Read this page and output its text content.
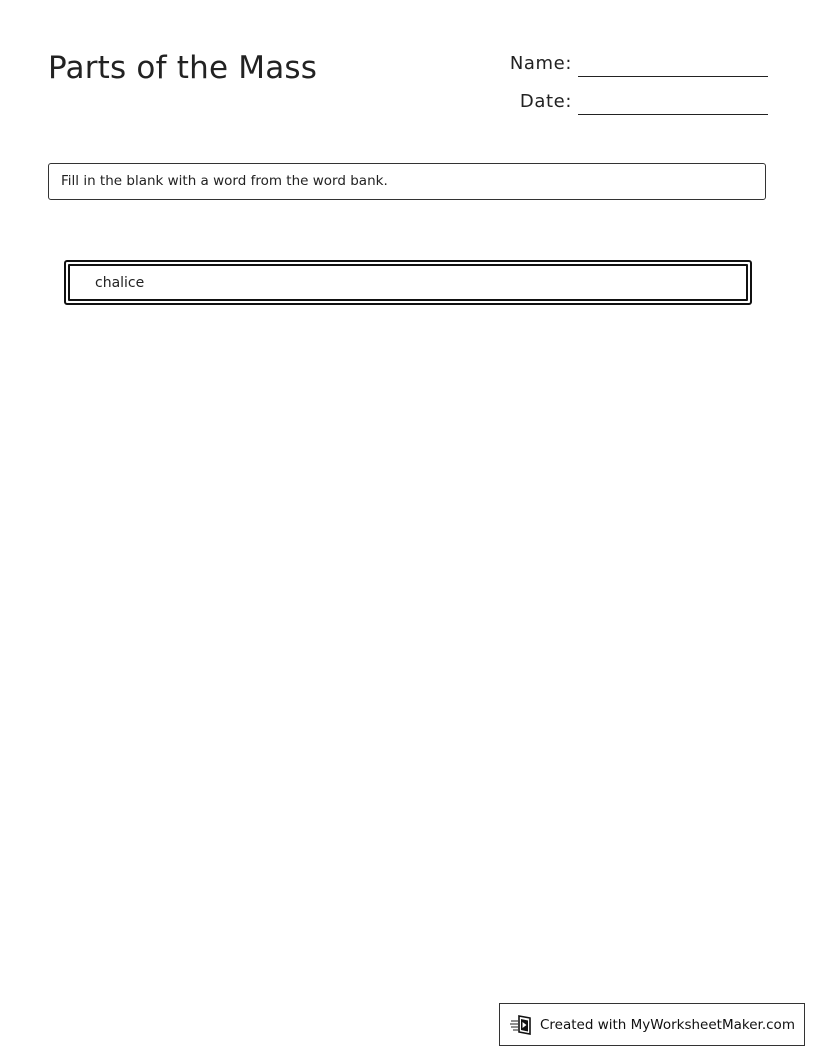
Parts of the Mass	Name:
Date:
Fill in the blank with a word from the word bank.
chalice
Created with MyWorksheetMaker.com
